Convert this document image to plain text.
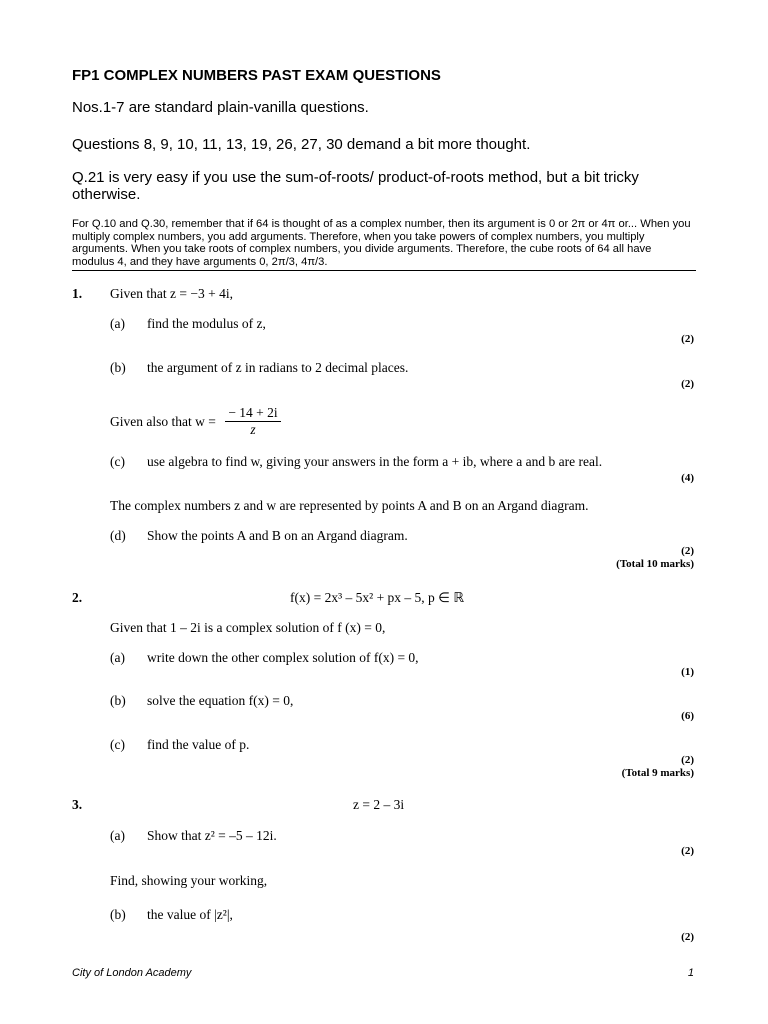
FP1 COMPLEX NUMBERS PAST EXAM QUESTIONS
Nos.1-7 are standard plain-vanilla questions.
Questions 8, 9, 10, 11, 13, 19, 26, 27, 30 demand a bit more thought.
Q.21 is very easy if you use the sum-of-roots/ product-of-roots method, but a bit tricky otherwise.
For Q.10 and Q.30, remember that if 64 is thought of as a complex number, then its argument is 0 or 2π or 4π or... When you multiply complex numbers, you add arguments. Therefore, when you take powers of complex numbers, you multiply arguments. When you take roots of complex numbers, you divide arguments. Therefore, the cube roots of 64 all have modulus 4, and they have arguments 0, 2π/3, 4π/3.
1. Given that z = −3 + 4i,
(a) find the modulus of z,
(2)
(b) the argument of z in radians to 2 decimal places.
(2)
Given also that w =
− 14 + 2i
z
(c) use algebra to find w, giving your answers in the form a + ib, where a and b are real.
(4)
The complex numbers z and w are represented by points A and B on an Argand diagram.
(d) Show the points A and B on an Argand diagram.
(2)
(Total 10 marks)
2.	f(x) = 2x³ – 5x² + px – 5, p ∈ ℝ
Given that 1 – 2i is a complex solution of f (x) = 0,
(a) write down the other complex solution of f(x) = 0,
(1)
(b) solve the equation f(x) = 0,
(6)
(c) find the value of p.
(2)
(Total 9 marks)
3.	z = 2 – 3i
(a) Show that z² = –5 – 12i.
(2)
Find, showing your working,
(b) the value of |z²|,
(2)
City of London Academy	1
